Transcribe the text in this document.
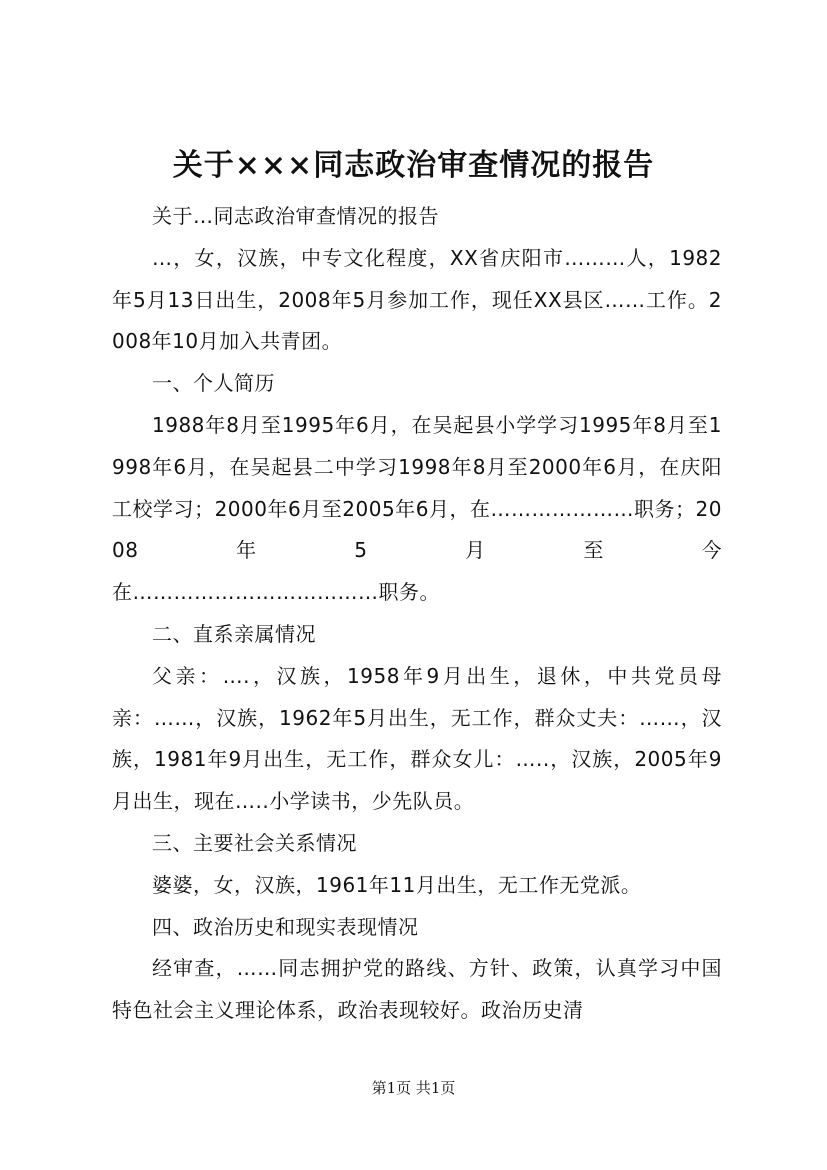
关于×××同志政治审查情况的报告

关于…同志政治审查情况的报告

…，女，汉族，中专文化程度，XX省庆阳市………人，1982年5月13日出生，2008年5月参加工作，现任XX县区……工作。2008年10月加入共青团。

一、个人简历

1988年8月至1995年6月，在吴起县小学学习1995年8月至1998年6月，在吴起县二中学习1998年8月至2000年6月，在庆阳工校学习；2000年6月至2005年6月，在…………………职务；2008年5月至今

在………………………………职务。

二、直系亲属情况

父亲：….，汉族，1958年9月出生，退休，中共党员母亲：……，汉族，1962年5月出生，无工作，群众丈夫：……，汉族，1981年9月出生，无工作，群众女儿：…..，汉族，2005年9月出生，现在…..小学读书，少先队员。

三、主要社会关系情况

婆婆，女，汉族，1961年11月出生，无工作无党派。

四、政治历史和现实表现情况

经审查，……同志拥护党的路线、方针、政策，认真学习中国特色社会主义理论体系，政治表现较好。政治历史清

第1页 共1页
